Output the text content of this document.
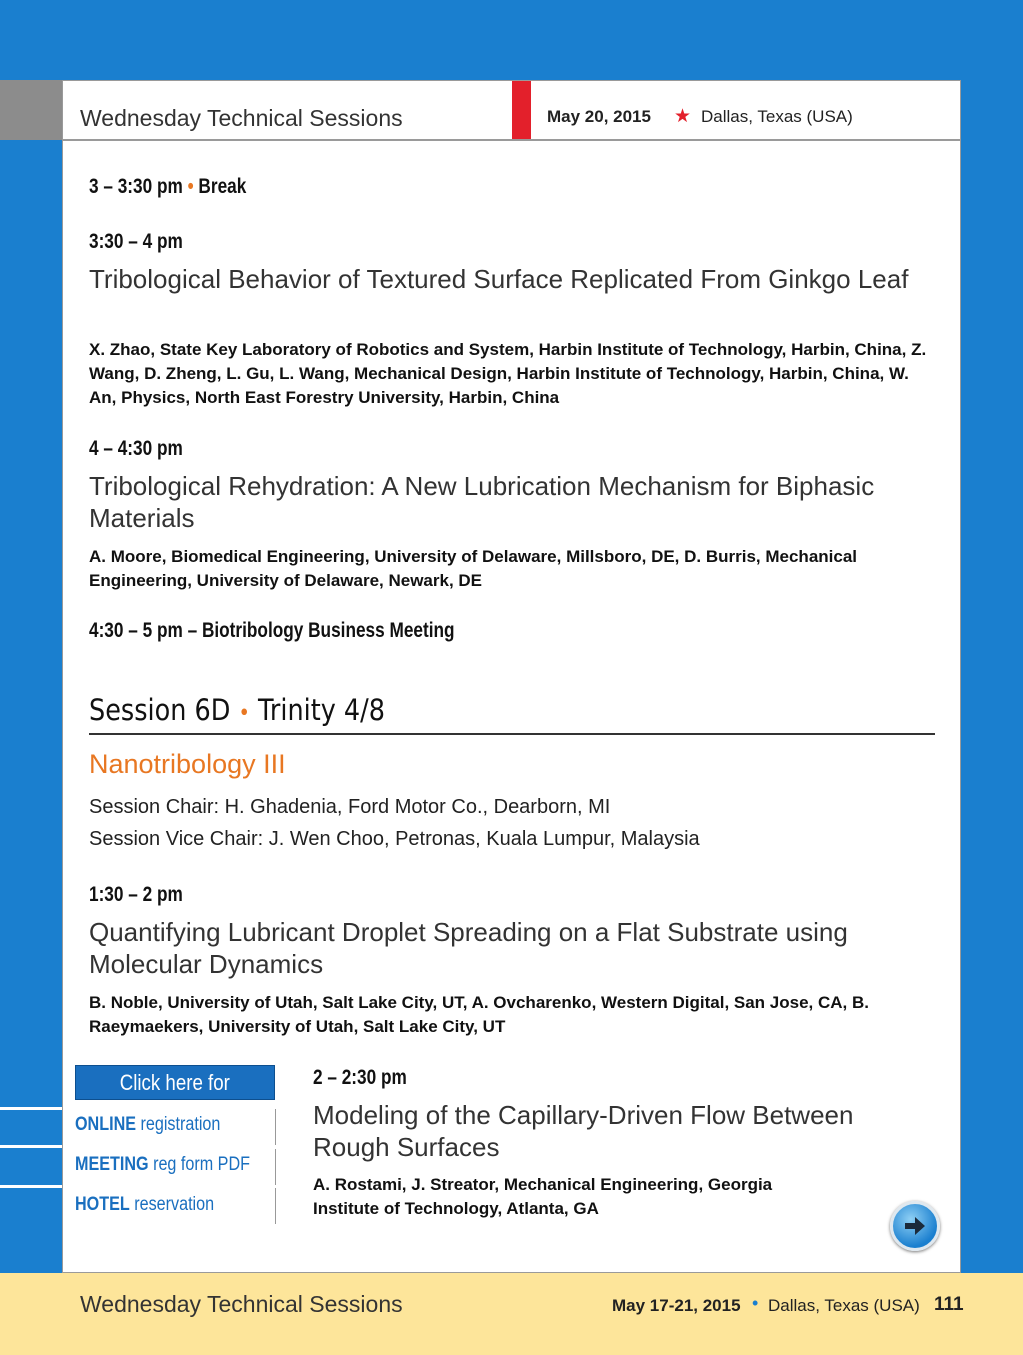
Wednesday Technical Sessions	May 20, 2015 ★ Dallas, Texas (USA)
3 – 3:30 pm • Break
3:30 – 4 pm
Tribological Behavior of Textured Surface Replicated From Ginkgo Leaf
X. Zhao, State Key Laboratory of Robotics and System, Harbin Institute of Technology, Harbin, China, Z. Wang, D. Zheng, L. Gu, L. Wang, Mechanical Design, Harbin Institute of Technology, Harbin, China, W. An, Physics, North East Forestry University, Harbin, China
4 – 4:30 pm
Tribological Rehydration: A New Lubrication Mechanism for Biphasic Materials
A. Moore, Biomedical Engineering, University of Delaware, Millsboro, DE, D. Burris, Mechanical Engineering, University of Delaware, Newark, DE
4:30 – 5 pm – Biotribology Business Meeting
Session 6D • Trinity 4/8
Nanotribology III
Session Chair: H. Ghadenia, Ford Motor Co., Dearborn, MI
Session Vice Chair: J. Wen Choo, Petronas, Kuala Lumpur, Malaysia
1:30 – 2 pm
Quantifying Lubricant Droplet Spreading on a Flat Substrate using Molecular Dynamics
B. Noble, University of Utah, Salt Lake City, UT, A. Ovcharenko, Western Digital, San Jose, CA, B. Raeymaekers, University of Utah, Salt Lake City, UT
Click here for
ONLINE registration
MEETING reg form PDF
HOTEL reservation
2 – 2:30 pm
Modeling of the Capillary-Driven Flow Between Rough Surfaces
A. Rostami, J. Streator, Mechanical Engineering, Georgia Institute of Technology, Atlanta, GA
Wednesday Technical Sessions	May 17-21, 2015 • Dallas, Texas (USA) 111
